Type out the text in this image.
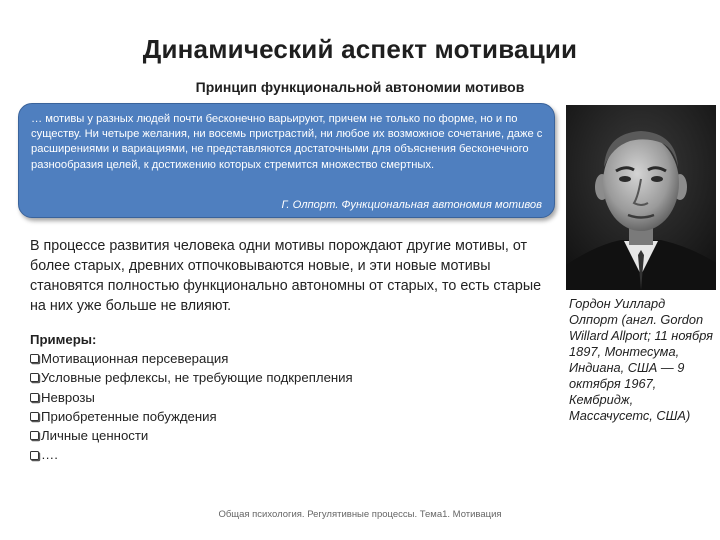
Динамический аспект мотивации
Принцип функциональной автономии мотивов
… мотивы у разных людей почти бесконечно варьируют, причем не только по форме, но и по существу. Ни четыре желания, ни восемь пристрастий, ни любое их возможное сочетание, даже с расширениями и вариациями, не представляются достаточными для объяснения бесконечного разнообразия целей, к достижению которых стремится множество смертных.
Г. Олпорт. Функциональная автономия мотивов
В процессе развития человека одни мотивы порождают другие мотивы, от более старых, древних отпочковываются новые, и эти новые мотивы становятся полностью функционально автономны от старых, то есть старые на них уже больше не влияют.
Примеры:
Мотивационная персеверация
Условные рефлексы, не требующие подкрепления
Неврозы
Приобретенные побуждения
Личные ценности
….
Гордон Уиллард Олпорт (англ. Gordon Willard Allport; 11 ноября 1897, Монтесума, Индиана, США — 9 октября 1967, Кембридж, Массачусетс, США)
Общая психология. Регулятивные процессы. Тема1. Мотивация
